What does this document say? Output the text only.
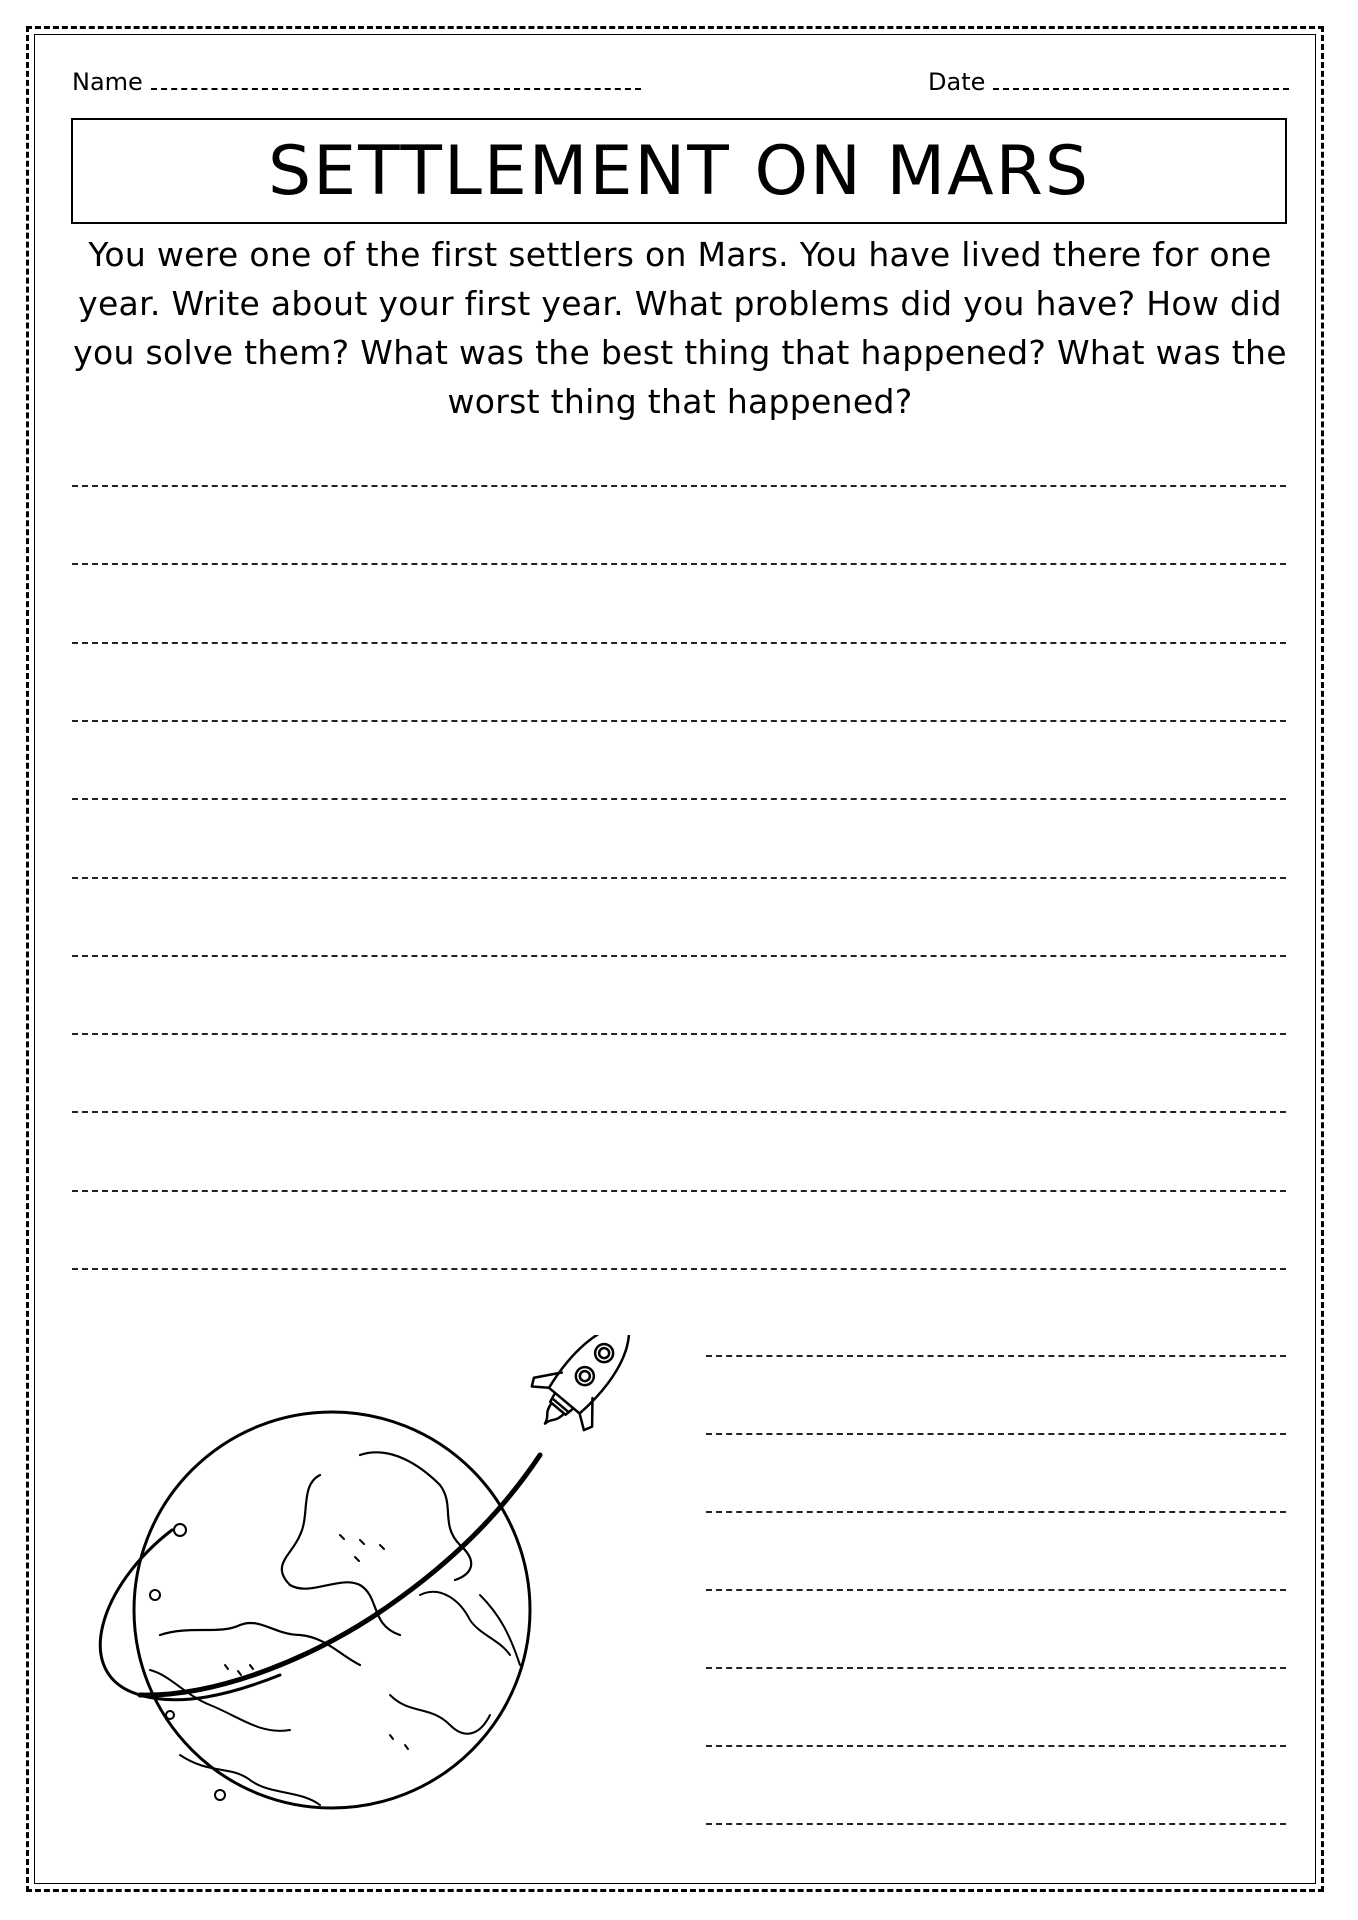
Name	Date
SETTLEMENT ON MARS
You were one of the first settlers on Mars. You have lived there for one year. Write about your first year. What problems did you have? How did you solve them? What was the best thing that happened? What was the worst thing that happened?
